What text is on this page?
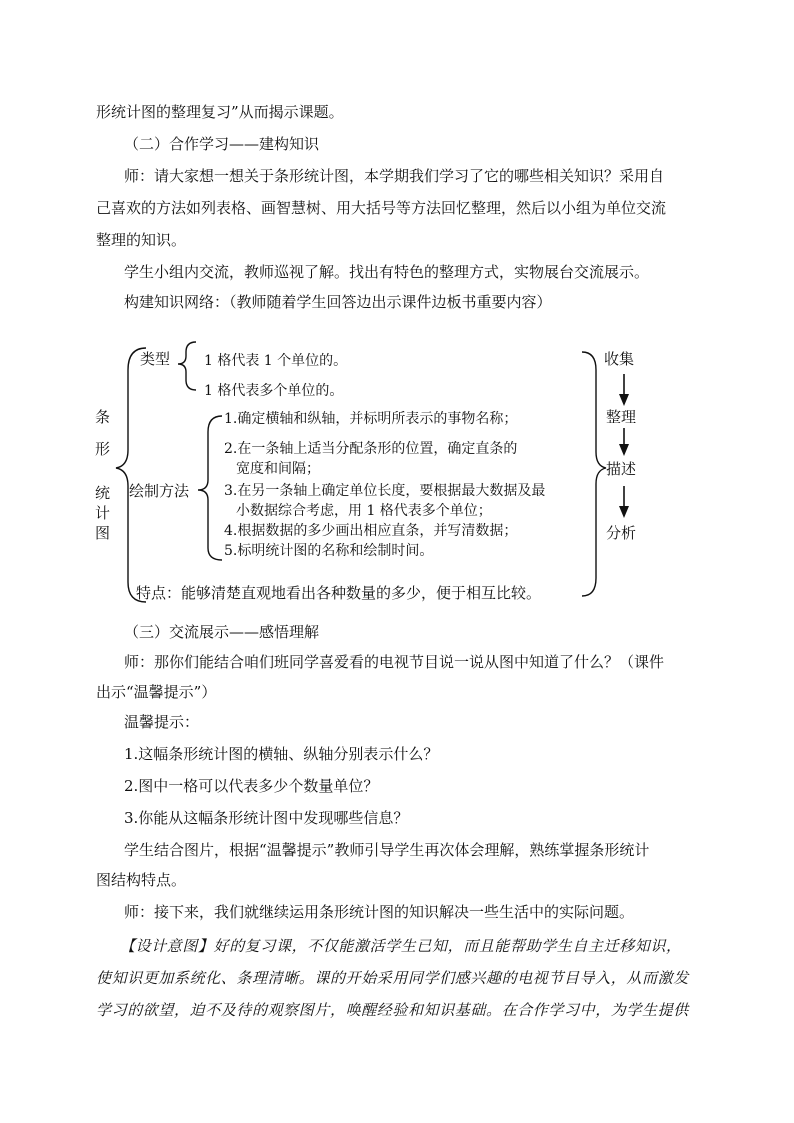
形统计图的整理复习”从而揭示课题。
（二）合作学习——建构知识
师：请大家想一想关于条形统计图，本学期我们学习了它的哪些相关知识？采用自
己喜欢的方法如列表格、画智慧树、用大括号等方法回忆整理，然后以小组为单位交流
整理的知识。
学生小组内交流，教师巡视了解。找出有特色的整理方式，实物展台交流展示。
构建知识网络：（教师随着学生回答边出示课件边板书重要内容）
条
形
统
计
图
类型 1 格代表 1 个单位的。
1 格代表多个单位的。
绘制方法
1.确定横轴和纵轴，并标明所表示的事物名称；
2.在一条轴上适当分配条形的位置，确定直条的
宽度和间隔；
3.在另一条轴上确定单位长度，要根据最大数据及最
小数据综合考虑，用 1 格代表多个单位；
4.根据数据的多少画出相应直条，并写清数据；
5.标明统计图的名称和绘制时间。
特点：能够清楚直观地看出各种数量的多少，便于相互比较。
收集
整理
描述
分析
（三）交流展示——感悟理解
师：那你们能结合咱们班同学喜爱看的电视节目说一说从图中知道了什么？（课件
出示“温馨提示”）
温馨提示：
1.这幅条形统计图的横轴、纵轴分别表示什么？
2.图中一格可以代表多少个数量单位？
3.你能从这幅条形统计图中发现哪些信息？
学生结合图片，根据“温馨提示”教师引导学生再次体会理解，熟练掌握条形统计
图结构特点。
师：接下来，我们就继续运用条形统计图的知识解决一些生活中的实际问题。
【设计意图】好的复习课，不仅能激活学生已知，而且能帮助学生自主迁移知识，
使知识更加系统化、条理清晰。课的开始采用同学们感兴趣的电视节目导入，从而激发
学习的欲望，迫不及待的观察图片，唤醒经验和知识基础。在合作学习中，为学生提供
